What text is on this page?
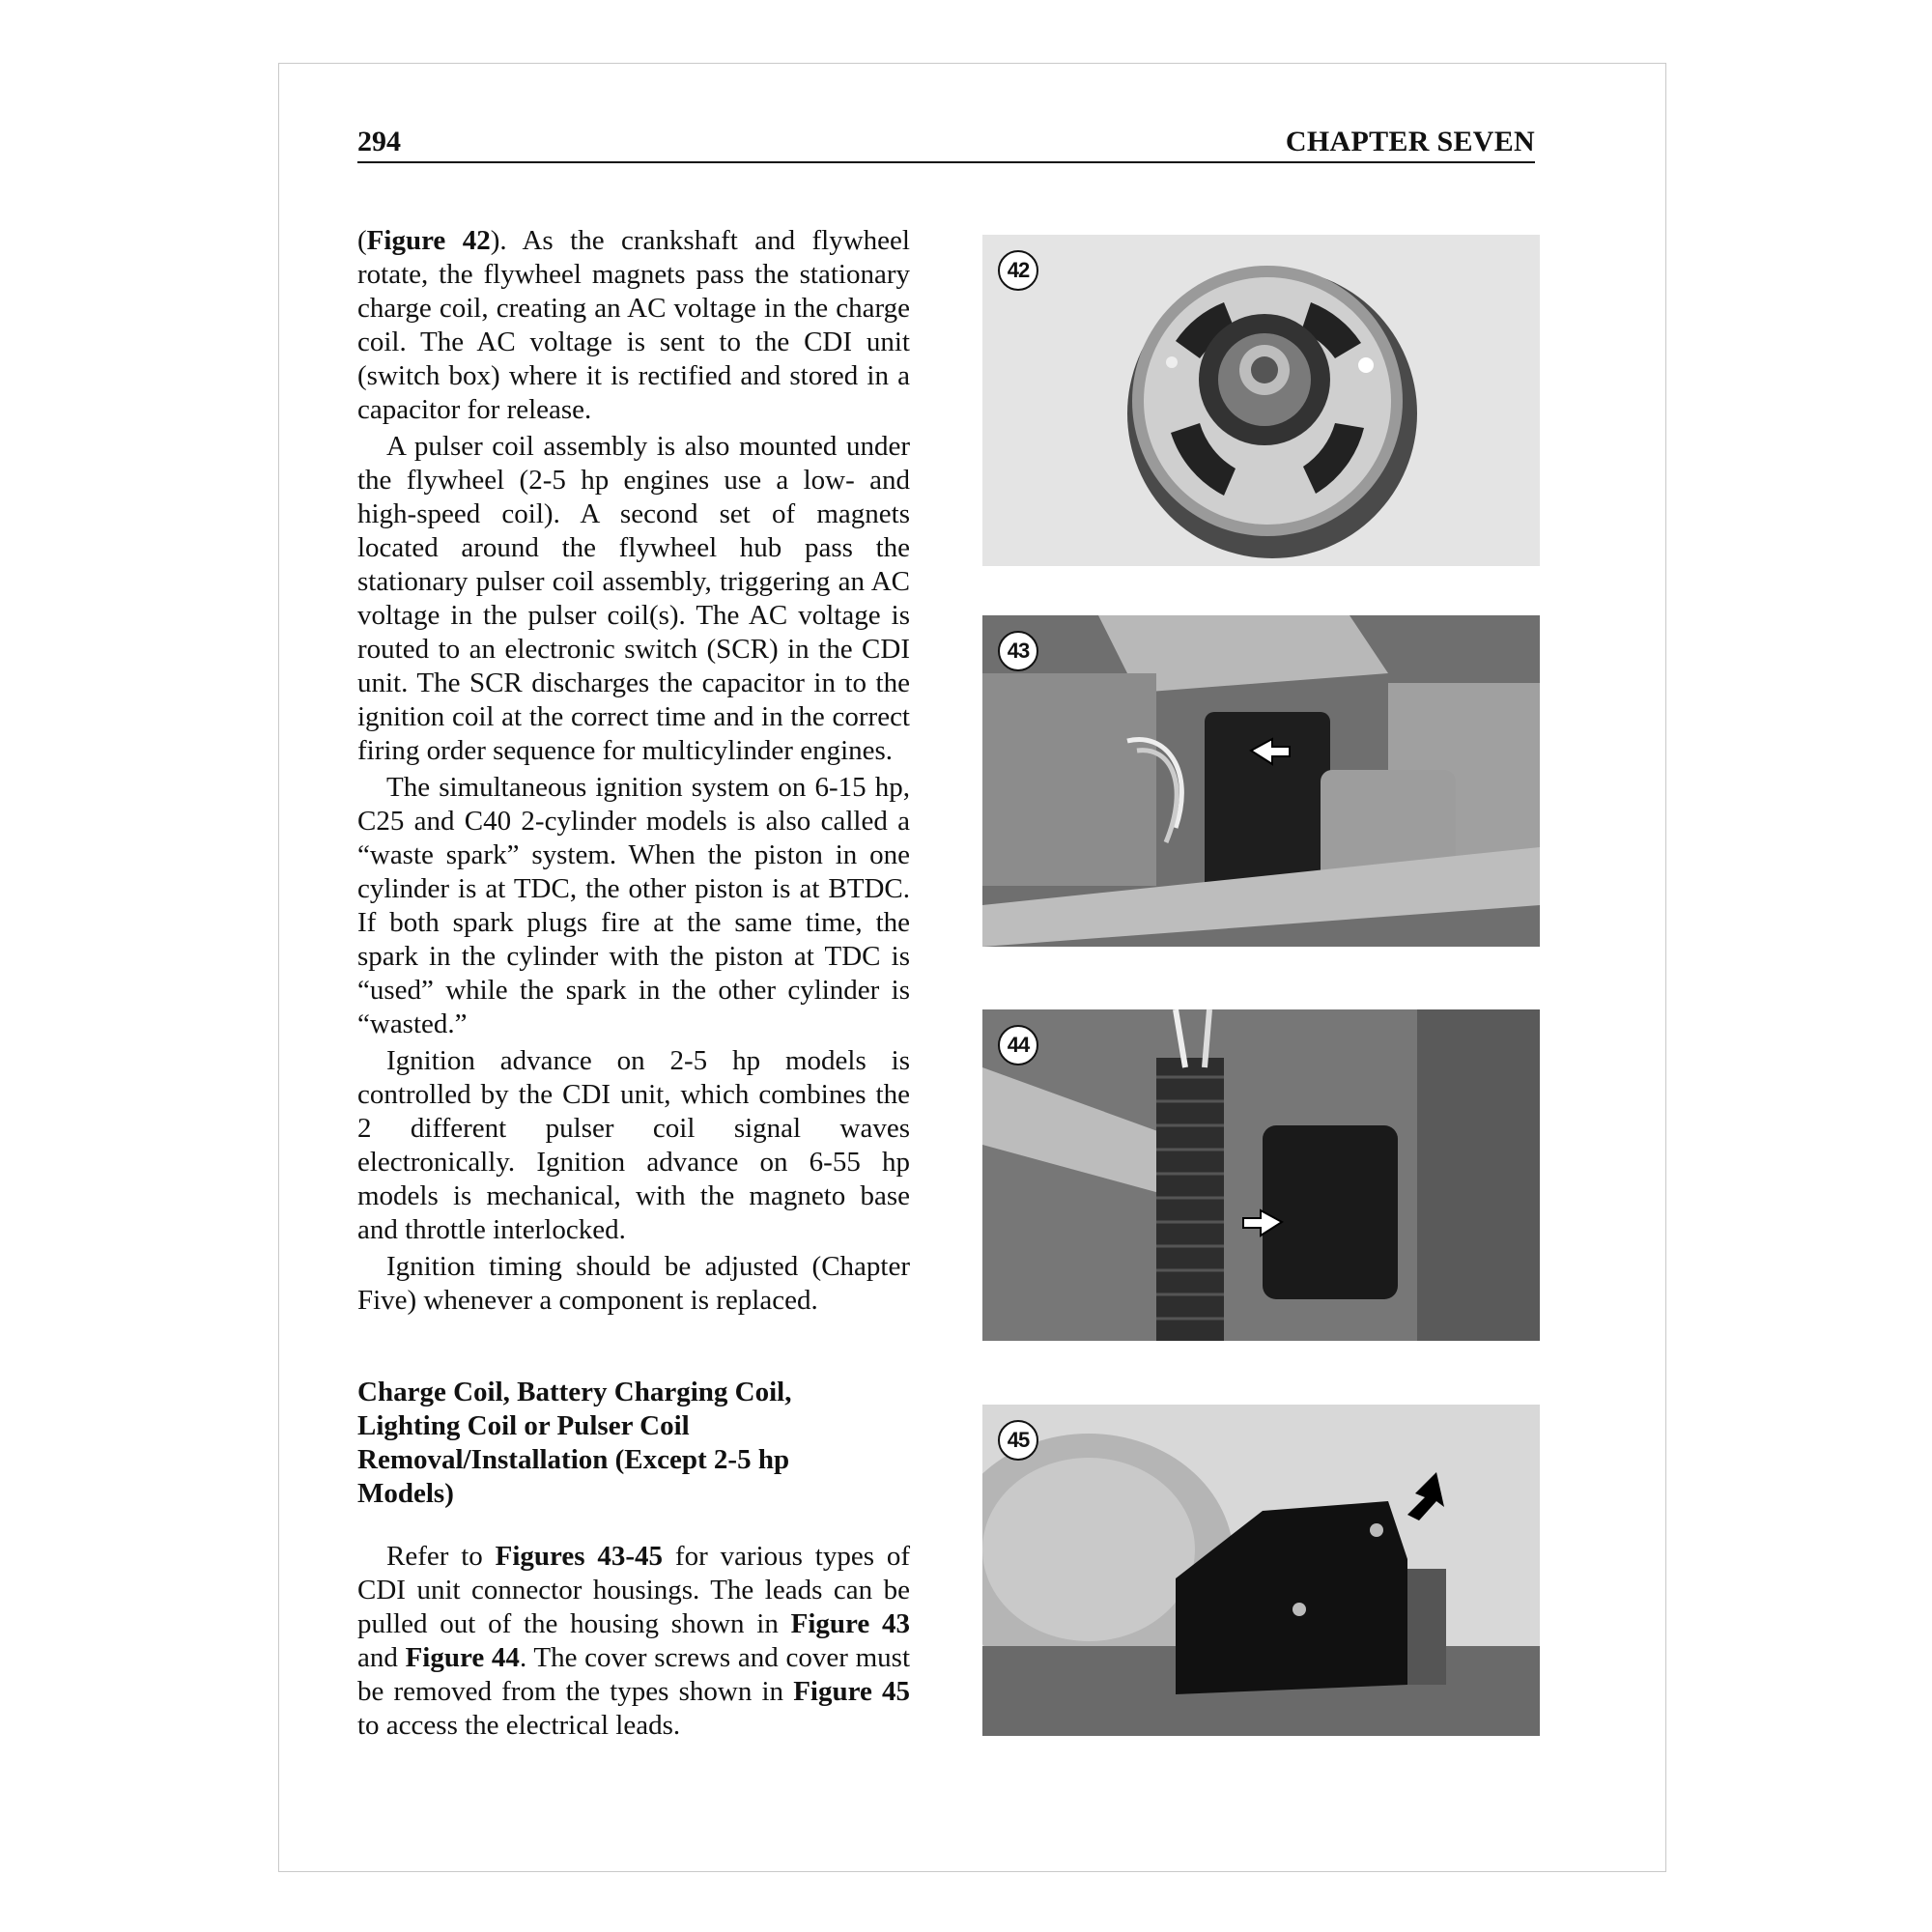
294	CHAPTER SEVEN

(Figure 42). As the crankshaft and flywheel rotate, the flywheel magnets pass the stationary charge coil, creating an AC voltage in the charge coil. The AC voltage is sent to the CDI unit (switch box) where it is rectified and stored in a capacitor for release.

A pulser coil assembly is also mounted under the flywheel (2-5 hp engines use a low- and high-speed coil). A second set of magnets located around the flywheel hub pass the stationary pulser coil assembly, triggering an AC voltage in the pulser coil(s). The AC voltage is routed to an electronic switch (SCR) in the CDI unit. The SCR discharges the capacitor in to the ignition coil at the correct time and in the correct firing order sequence for multicylinder engines.

The simultaneous ignition system on 6-15 hp, C25 and C40 2-cylinder models is also called a “waste spark” system. When the piston in one cylinder is at TDC, the other piston is at BTDC. If both spark plugs fire at the same time, the spark in the cylinder with the piston at TDC is “used” while the spark in the other cylinder is “wasted.”

Ignition advance on 2-5 hp models is controlled by the CDI unit, which combines the 2 different pulser coil signal waves electronically. Ignition advance on 6-55 hp models is mechanical, with the magneto base and throttle interlocked.

Ignition timing should be adjusted (Chapter Five) whenever a component is replaced.

Charge Coil, Battery Charging Coil, Lighting Coil or Pulser Coil Removal/Installation (Except 2-5 hp Models)

Refer to Figures 43-45 for various types of CDI unit connector housings. The leads can be pulled out of the housing shown in Figure 43 and Figure 44. The cover screws and cover must be removed from the types shown in Figure 45 to access the electrical leads.

42
43
44
45
